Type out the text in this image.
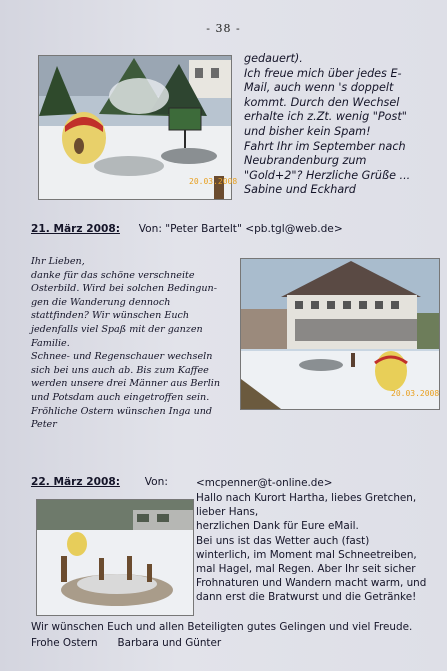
- 38 -
20.03.2008
gedauert).
Ich freue mich über jedes E-
Mail, auch wenn 's doppelt
kommt. Durch den Wechsel
erhalte ich z.Zt. wenig "Post"
und bisher kein Spam!
Fahrt Ihr im September nach
Neubrandenburg zum
"Gold+2"? Herzliche Grüße ...
Sabine und Eckhard
21. März 2008: Von: "Peter Bartelt" <pb.tgl@web.de>
Ihr Lieben,
danke für das schöne verschneite
Osterbild. Wird bei solchen Bedingun-
gen die Wanderung dennoch
stattfinden? Wir wünschen Euch
jedenfalls viel Spaß mit der ganzen
Familie.
Schnee- und Regenschauer wechseln
sich bei uns auch ab. Bis zum Kaffee
werden unsere drei Männer aus Berlin
und Potsdam auch eingetroffen sein.
Fröhliche Ostern wünschen Inga und Peter
20.03.2008
22. März 2008: Von:	<mcpenner@t-online.de>
Hallo nach Kurort Hartha, liebes Gretchen,
lieber Hans,
herzlichen Dank für Eure eMail.
Bei uns ist das Wetter auch (fast)
winterlich, im Moment mal Schneetreiben,
mal Hagel, mal Regen. Aber Ihr seit sicher
Frohnaturen und Wandern macht warm, und
dann erst die Bratwurst und die Getränke!
Wir wünschen Euch und allen Beteiligten gutes Gelingen und viel Freude.
Frohe Ostern      Barbara und Günter
